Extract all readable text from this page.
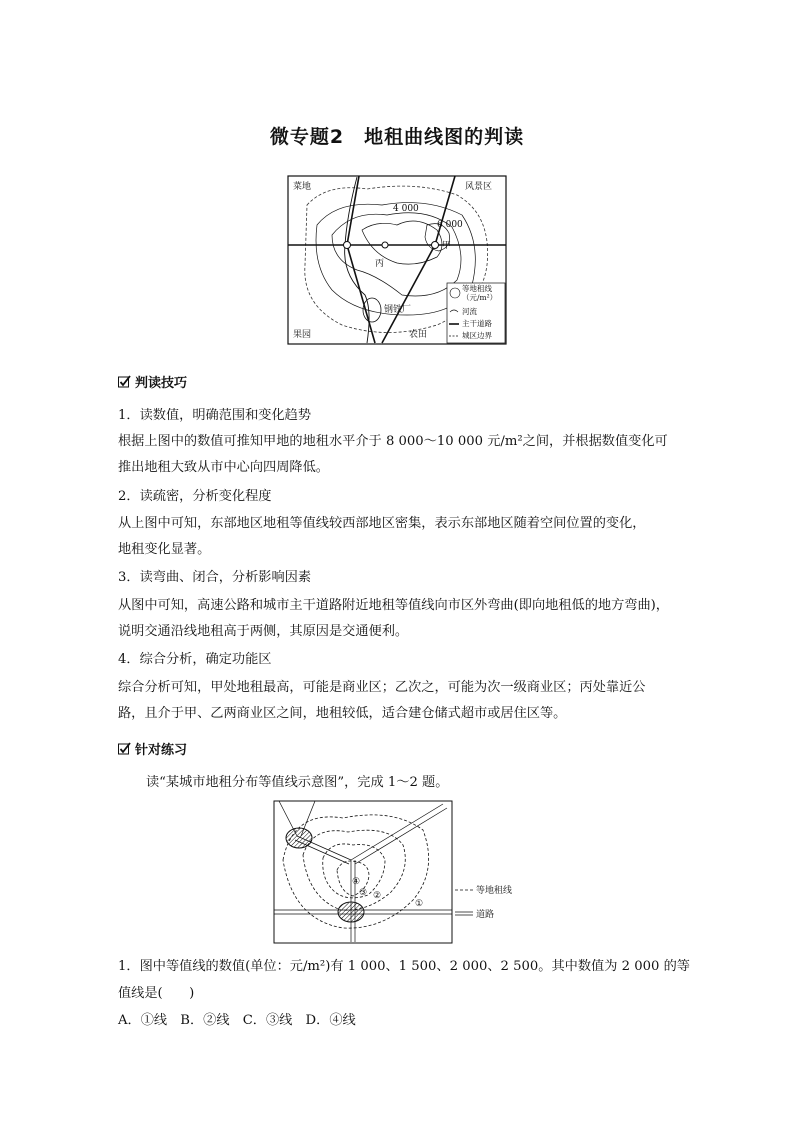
微专题2　地租曲线图的判读
菜地	风景区
4 000
6 000
甲
丙
钢铁厂
果园	农田
等地租线
（元/m²）
河流
主干道路
城区边界
判读技巧
1．读数值，明确范围和变化趋势
根据上图中的数值可推知甲地的地租水平介于 8 000～10 000 元/m²之间，并根据数值变化可
推出地租大致从市中心向四周降低。
2．读疏密，分析变化程度
从上图中可知，东部地区地租等值线较西部地区密集，表示东部地区随着空间位置的变化，
地租变化显著。
3．读弯曲、闭合，分析影响因素
从图中可知，高速公路和城市主干道路附近地租等值线向市区外弯曲(即向地租低的地方弯曲)，
说明交通沿线地租高于两侧，其原因是交通便利。
4．综合分析，确定功能区
综合分析可知，甲处地租最高，可能是商业区；乙次之，可能为次一级商业区；丙处靠近公
路，且介于甲、乙两商业区之间，地租较低，适合建仓储式超市或居住区等。
针对练习
读“某城市地租分布等值线示意图”，完成 1～2 题。
①
②
③
④
等地租线
道路
1．图中等值线的数值(单位：元/m²)有 1 000、1 500、2 000、2 500。其中数值为 2 000 的等
值线是(　　)
A．①线　B．②线　C．③线　D．④线
